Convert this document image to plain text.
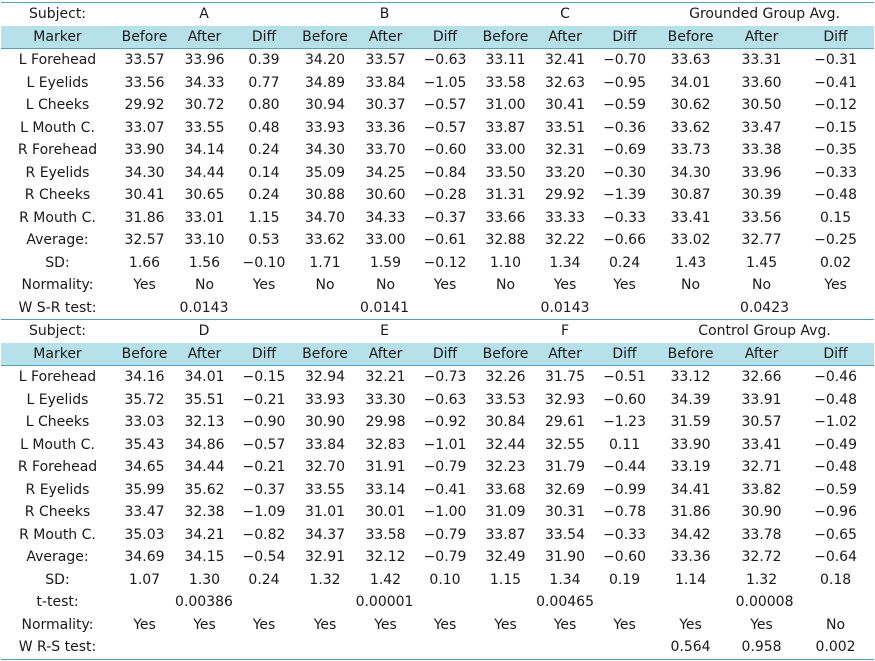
Subject:	A			B			C			Grounded Group Avg.		
Marker	Before	After	Diff	Before	After	Diff	Before	After	Diff	Before	After	Diff
L Forehead	33.57	33.96	0.39	34.20	33.57	−0.63	33.11	32.41	−0.70	33.63	33.31	−0.31
L Eyelids	33.56	34.33	0.77	34.89	33.84	−1.05	33.58	32.63	−0.95	34.01	33.60	−0.41
L Cheeks	29.92	30.72	0.80	30.94	30.37	−0.57	31.00	30.41	−0.59	30.62	30.50	−0.12
L Mouth C.	33.07	33.55	0.48	33.93	33.36	−0.57	33.87	33.51	−0.36	33.62	33.47	−0.15
R Forehead	33.90	34.14	0.24	34.30	33.70	−0.60	33.00	32.31	−0.69	33.73	33.38	−0.35
R Eyelids	34.30	34.44	0.14	35.09	34.25	−0.84	33.50	33.20	−0.30	34.30	33.96	−0.33
R Cheeks	30.41	30.65	0.24	30.88	30.60	−0.28	31.31	29.92	−1.39	30.87	30.39	−0.48
R Mouth C.	31.86	33.01	1.15	34.70	34.33	−0.37	33.66	33.33	−0.33	33.41	33.56	0.15
Average:	32.57	33.10	0.53	33.62	33.00	−0.61	32.88	32.22	−0.66	33.02	32.77	−0.25
SD:	1.66	1.56	−0.10	1.71	1.59	−0.12	1.10	1.34	0.24	1.43	1.45	0.02
Normality:	Yes	No	Yes	No	No	Yes	No	Yes	Yes	No	No	Yes
W S-R test:	0.0143			0.0141			0.0143			0.0423		
Subject:	D			E			F			Control Group Avg.		
Marker	Before	After	Diff	Before	After	Diff	Before	After	Diff	Before	After	Diff
L Forehead	34.16	34.01	−0.15	32.94	32.21	−0.73	32.26	31.75	−0.51	33.12	32.66	−0.46
L Eyelids	35.72	35.51	−0.21	33.93	33.30	−0.63	33.53	32.93	−0.60	34.39	33.91	−0.48
L Cheeks	33.03	32.13	−0.90	30.90	29.98	−0.92	30.84	29.61	−1.23	31.59	30.57	−1.02
L Mouth C.	35.43	34.86	−0.57	33.84	32.83	−1.01	32.44	32.55	0.11	33.90	33.41	−0.49
R Forehead	34.65	34.44	−0.21	32.70	31.91	−0.79	32.23	31.79	−0.44	33.19	32.71	−0.48
R Eyelids	35.99	35.62	−0.37	33.55	33.14	−0.41	33.68	32.69	−0.99	34.41	33.82	−0.59
R Cheeks	33.47	32.38	−1.09	31.01	30.01	−1.00	31.09	30.31	−0.78	31.86	30.90	−0.96
R Mouth C.	35.03	34.21	−0.82	34.37	33.58	−0.79	33.87	33.54	−0.33	34.42	33.78	−0.65
Average:	34.69	34.15	−0.54	32.91	32.12	−0.79	32.49	31.90	−0.60	33.36	32.72	−0.64
SD:	1.07	1.30	0.24	1.32	1.42	0.10	1.15	1.34	0.19	1.14	1.32	0.18
t-test:	0.00386			0.00001			0.00465			0.00008		
Normality:	Yes	Yes	Yes	Yes	Yes	Yes	Yes	Yes	Yes	Yes	Yes	No
W R-S test:										0.564	0.958	0.002
